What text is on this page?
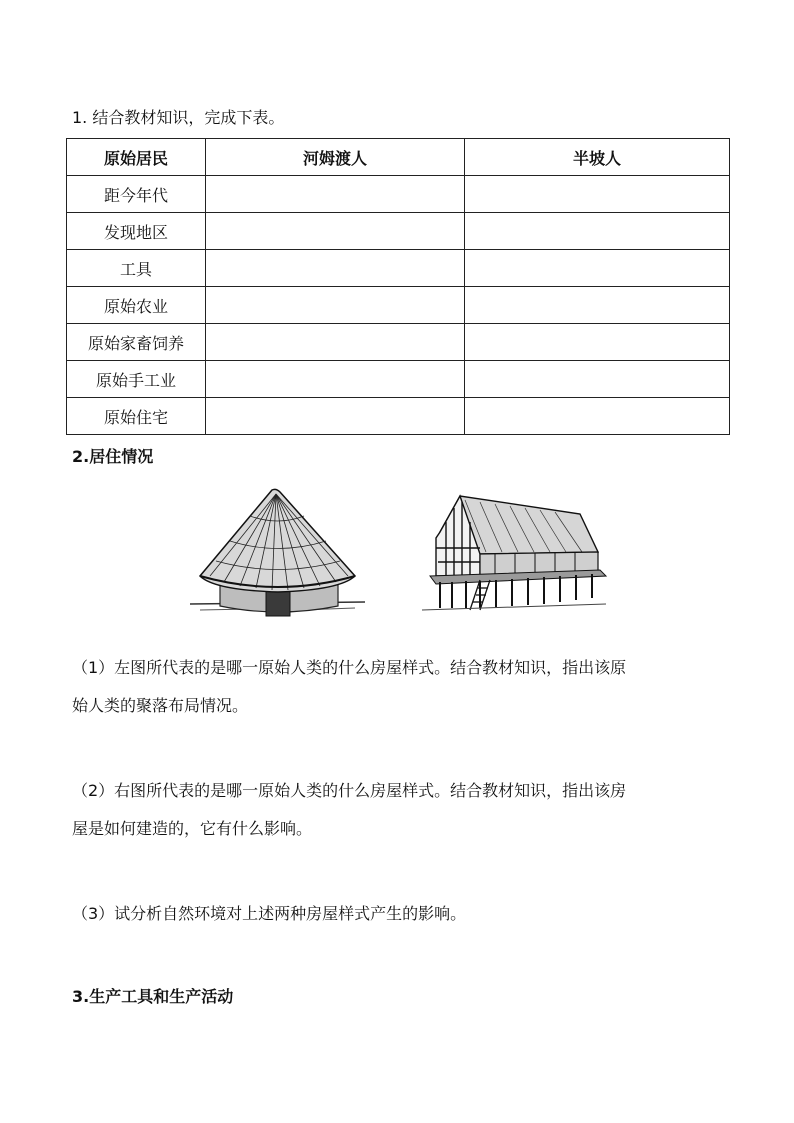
1. 结合教材知识，完成下表。
原始居民	河姆渡人	半坡人
距今年代		
发现地区		
工具		
原始农业		
原始家畜饲养		
原始手工业		
原始住宅		
2.居住情况
（1）左图所代表的是哪一原始人类的什么房屋样式。结合教材知识，指出该原
始人类的聚落布局情况。
（2）右图所代表的是哪一原始人类的什么房屋样式。结合教材知识，指出该房
屋是如何建造的，它有什么影响。
（3）试分析自然环境对上述两种房屋样式产生的影响。
3.生产工具和生产活动
